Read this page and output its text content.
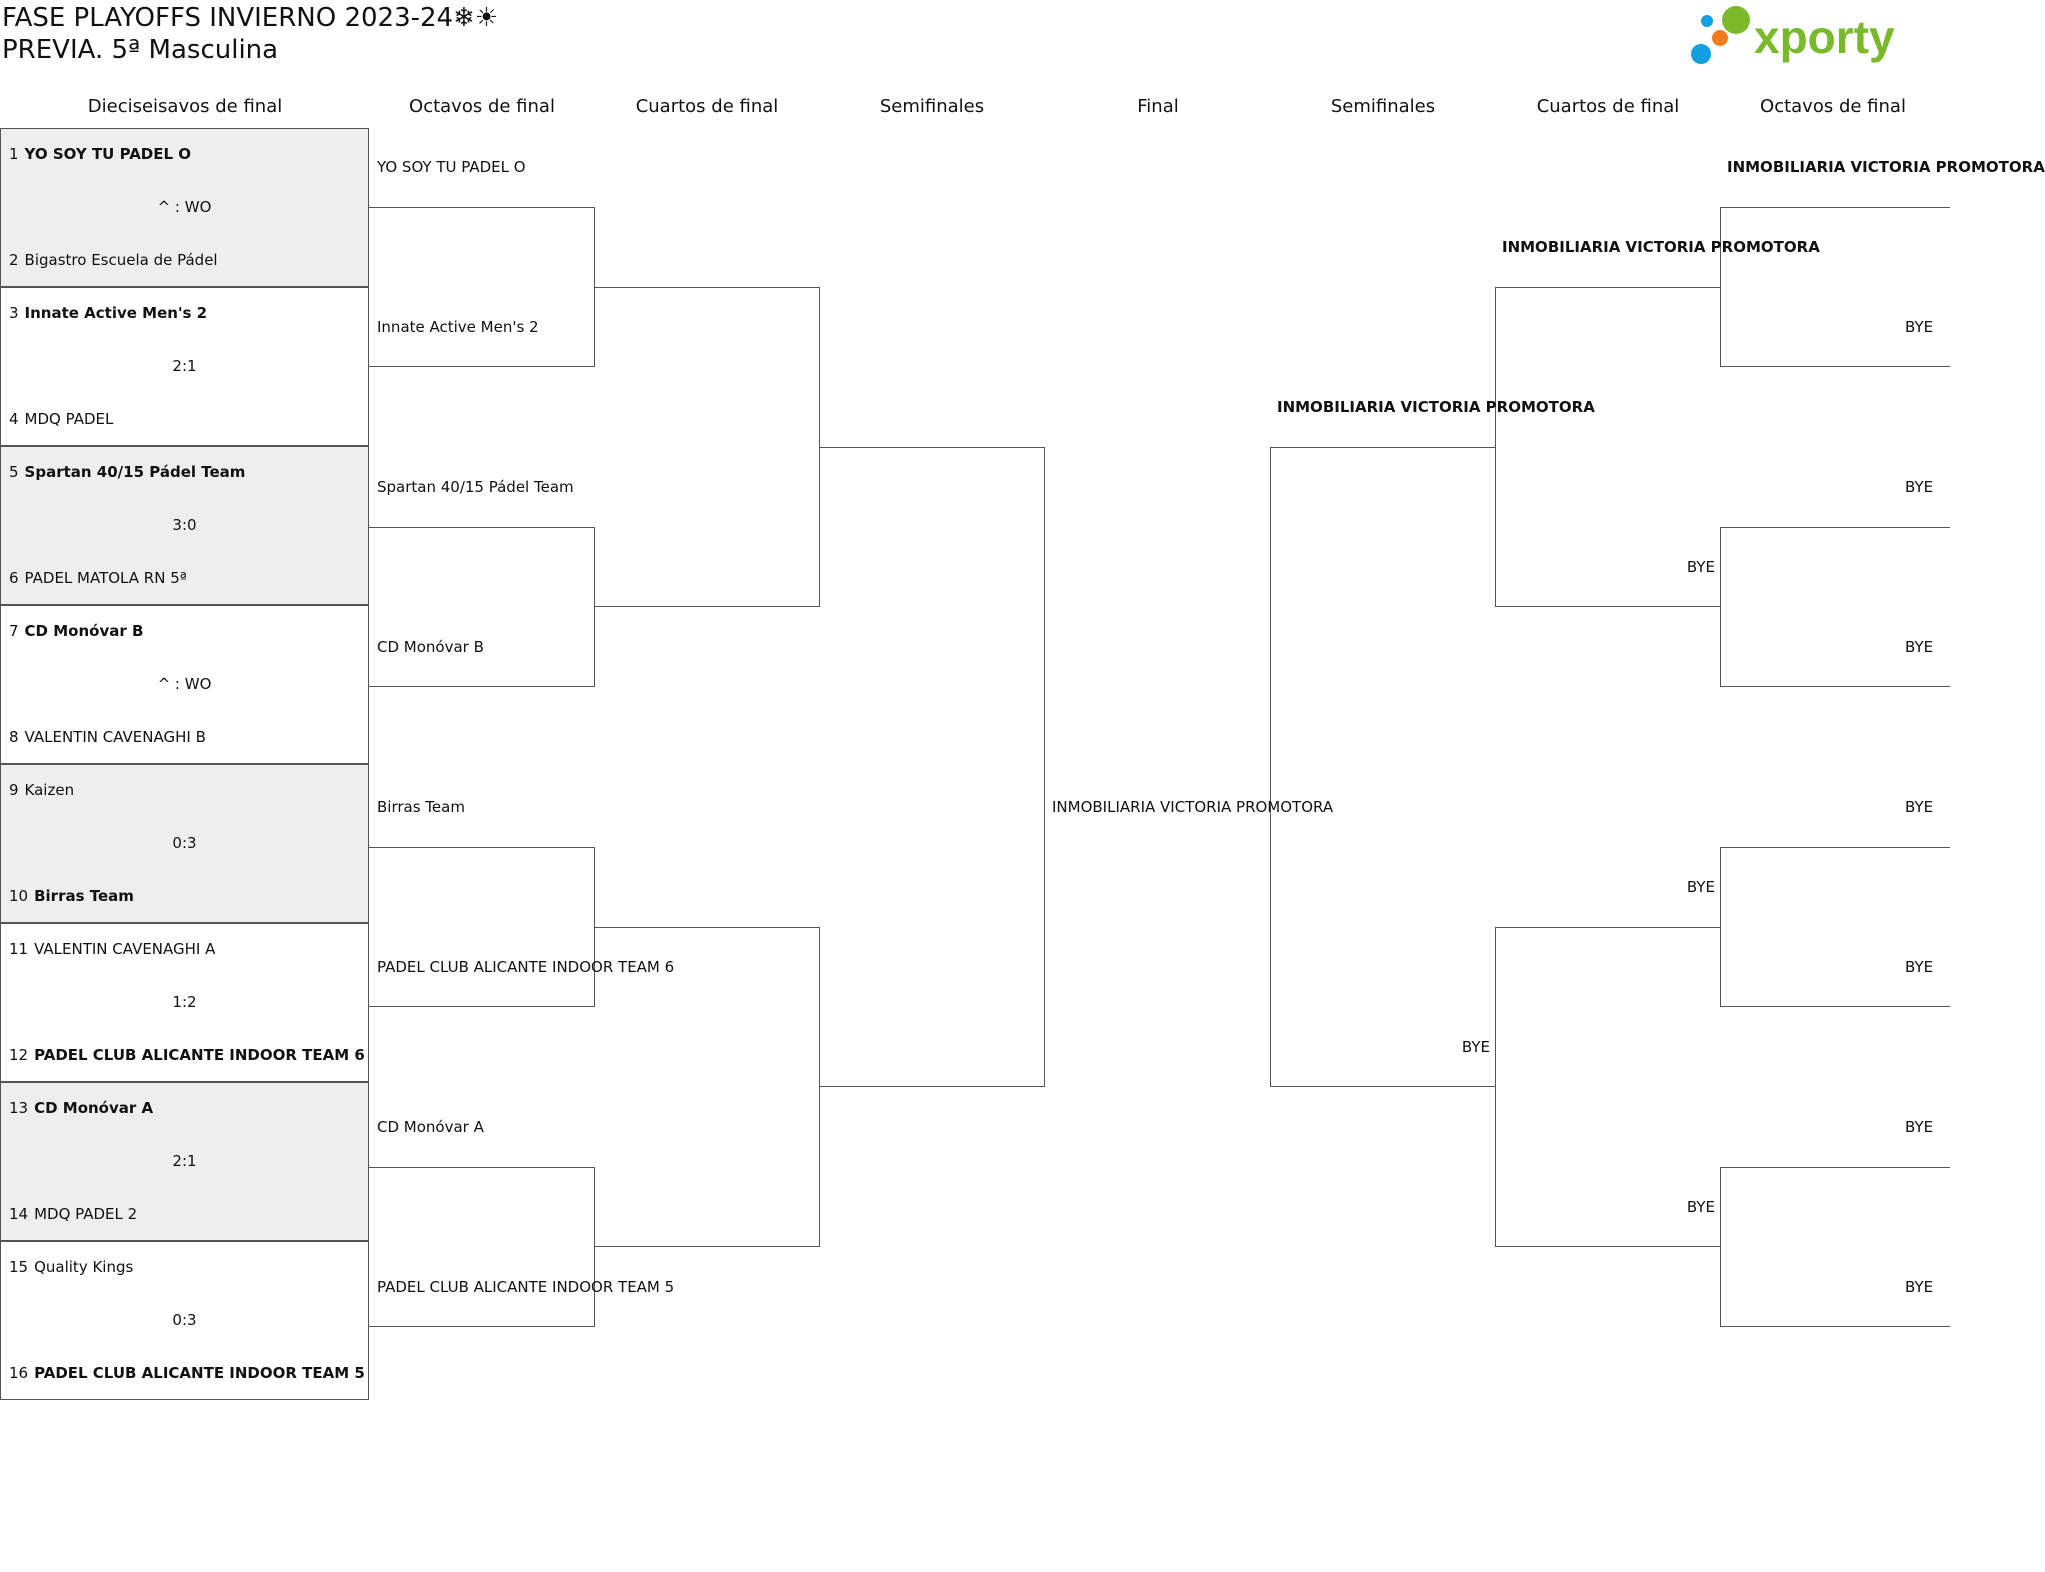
FASE PLAYOFFS INVIERNO 2023-24❄☀
PREVIA. 5ª Masculina	xporty
Dieciseisavos de final	Octavos de final	Cuartos de final	Semifinales	Final	Semifinales	Cuartos de final	Octavos de final
1 YO SOY TU PADEL O
2 Bigastro Escuela de Pádel
^ : WO
3 Innate Active Men's 2
4 MDQ PADEL
2:1
5 Spartan 40/15 Pádel Team
6 PADEL MATOLA RN 5ª
3:0
7 CD Monóvar B
8 VALENTIN CAVENAGHI B
^ : WO
9 Kaizen
10 Birras Team
0:3
11 VALENTIN CAVENAGHI A
12 PADEL CLUB ALICANTE INDOOR TEAM 6
1:2
13 CD Monóvar A
14 MDQ PADEL 2
2:1
15 Quality Kings
16 PADEL CLUB ALICANTE INDOOR TEAM 5
0:3
YO SOY TU PADEL O
Innate Active Men's 2
Spartan 40/15 Pádel Team
CD Monóvar B
Birras Team
PADEL CLUB ALICANTE INDOOR TEAM 6
CD Monóvar A
PADEL CLUB ALICANTE INDOOR TEAM 5
INMOBILIARIA VICTORIA PROMOTORA
INMOBILIARIA VICTORIA PROMOTORA
BYE
INMOBILIARIA VICTORIA PROMOTORA
BYE
BYE
BYE
INMOBILIARIA VICTORIA PROMOTORA
BYE
BYE
BYE
BYE
BYE
BYE
BYE
